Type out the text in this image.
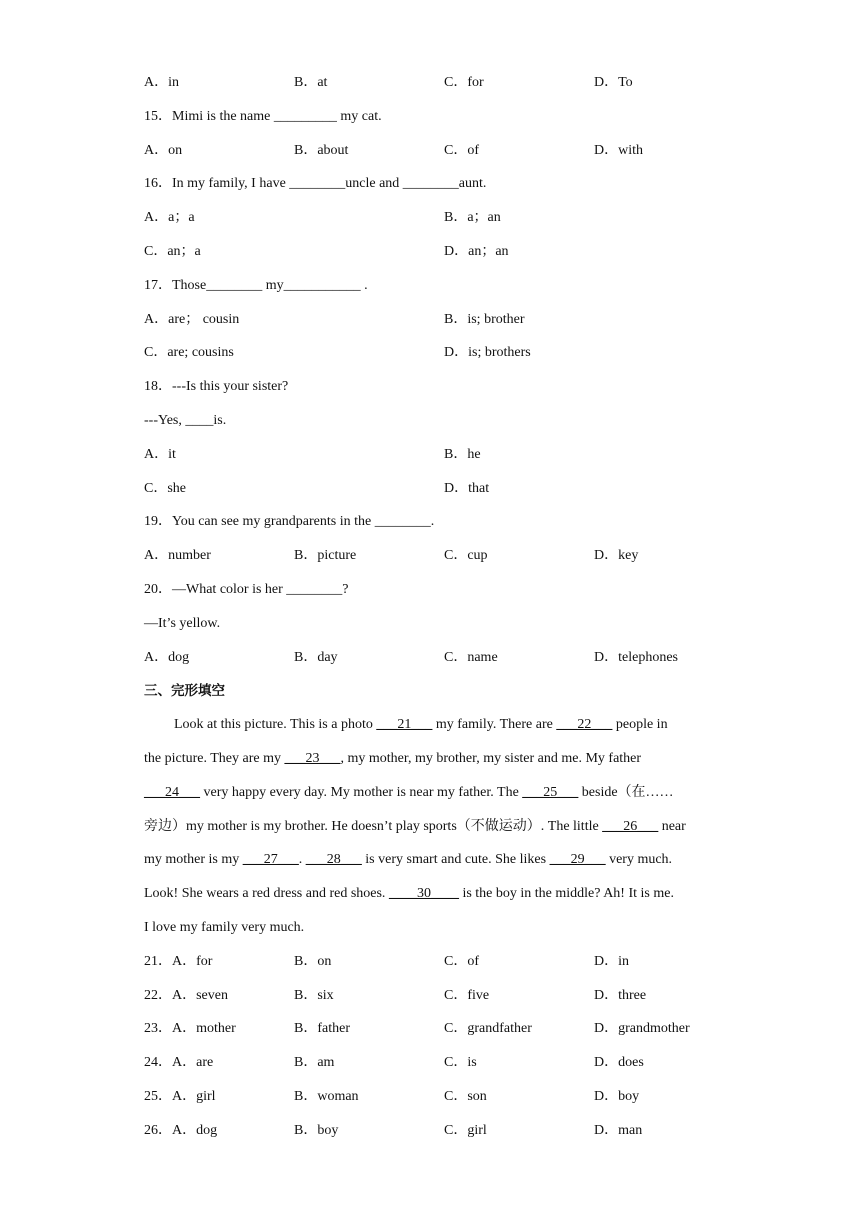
A．in	B．at	C．for	D．To
15．Mimi is the name _________ my cat.
A．on	B．about	C．of	D．with
16．In my family, I have ________uncle and ________aunt.
A．a；a	B．a；an
C．an；a	D．an；an
17．Those________ my___________ .
A．are； cousin	B．is; brother
C．are; cousins	D．is; brothers
18．---Is this your sister?
---Yes, ____is.
A．it	B．he
C．she	D．that
19．You can see my grandparents in the ________.
A．number	B．picture	C．cup	D．key
20．—What color is her ________?
—It’s yellow.
A．dog	B．day	C．name	D．telephones
三、完形填空
Look at this picture. This is a photo ___21___ my family. There are ___22___ people in
the picture. They are my ___23___, my mother, my brother, my sister and me. My father
___24___ very happy every day. My mother is near my father. The ___25___ beside（在……
旁边）my mother is my brother. He doesn’t play sports（不做运动）. The little ___26___ near
my mother is my ___27___. ___28___ is very smart and cute. She likes ___29___ very much.
Look! She wears a red dress and red shoes. ____30____ is the boy in the middle? Ah! It is me.
I love my family very much.
21．A．for	B．on	C．of	D．in
22．A．seven	B．six	C．five	D．three
23．A．mother	B．father	C．grandfather	D．grandmother
24．A．are	B．am	C．is	D．does
25．A．girl	B．woman	C．son	D．boy
26．A．dog	B．boy	C．girl	D．man
